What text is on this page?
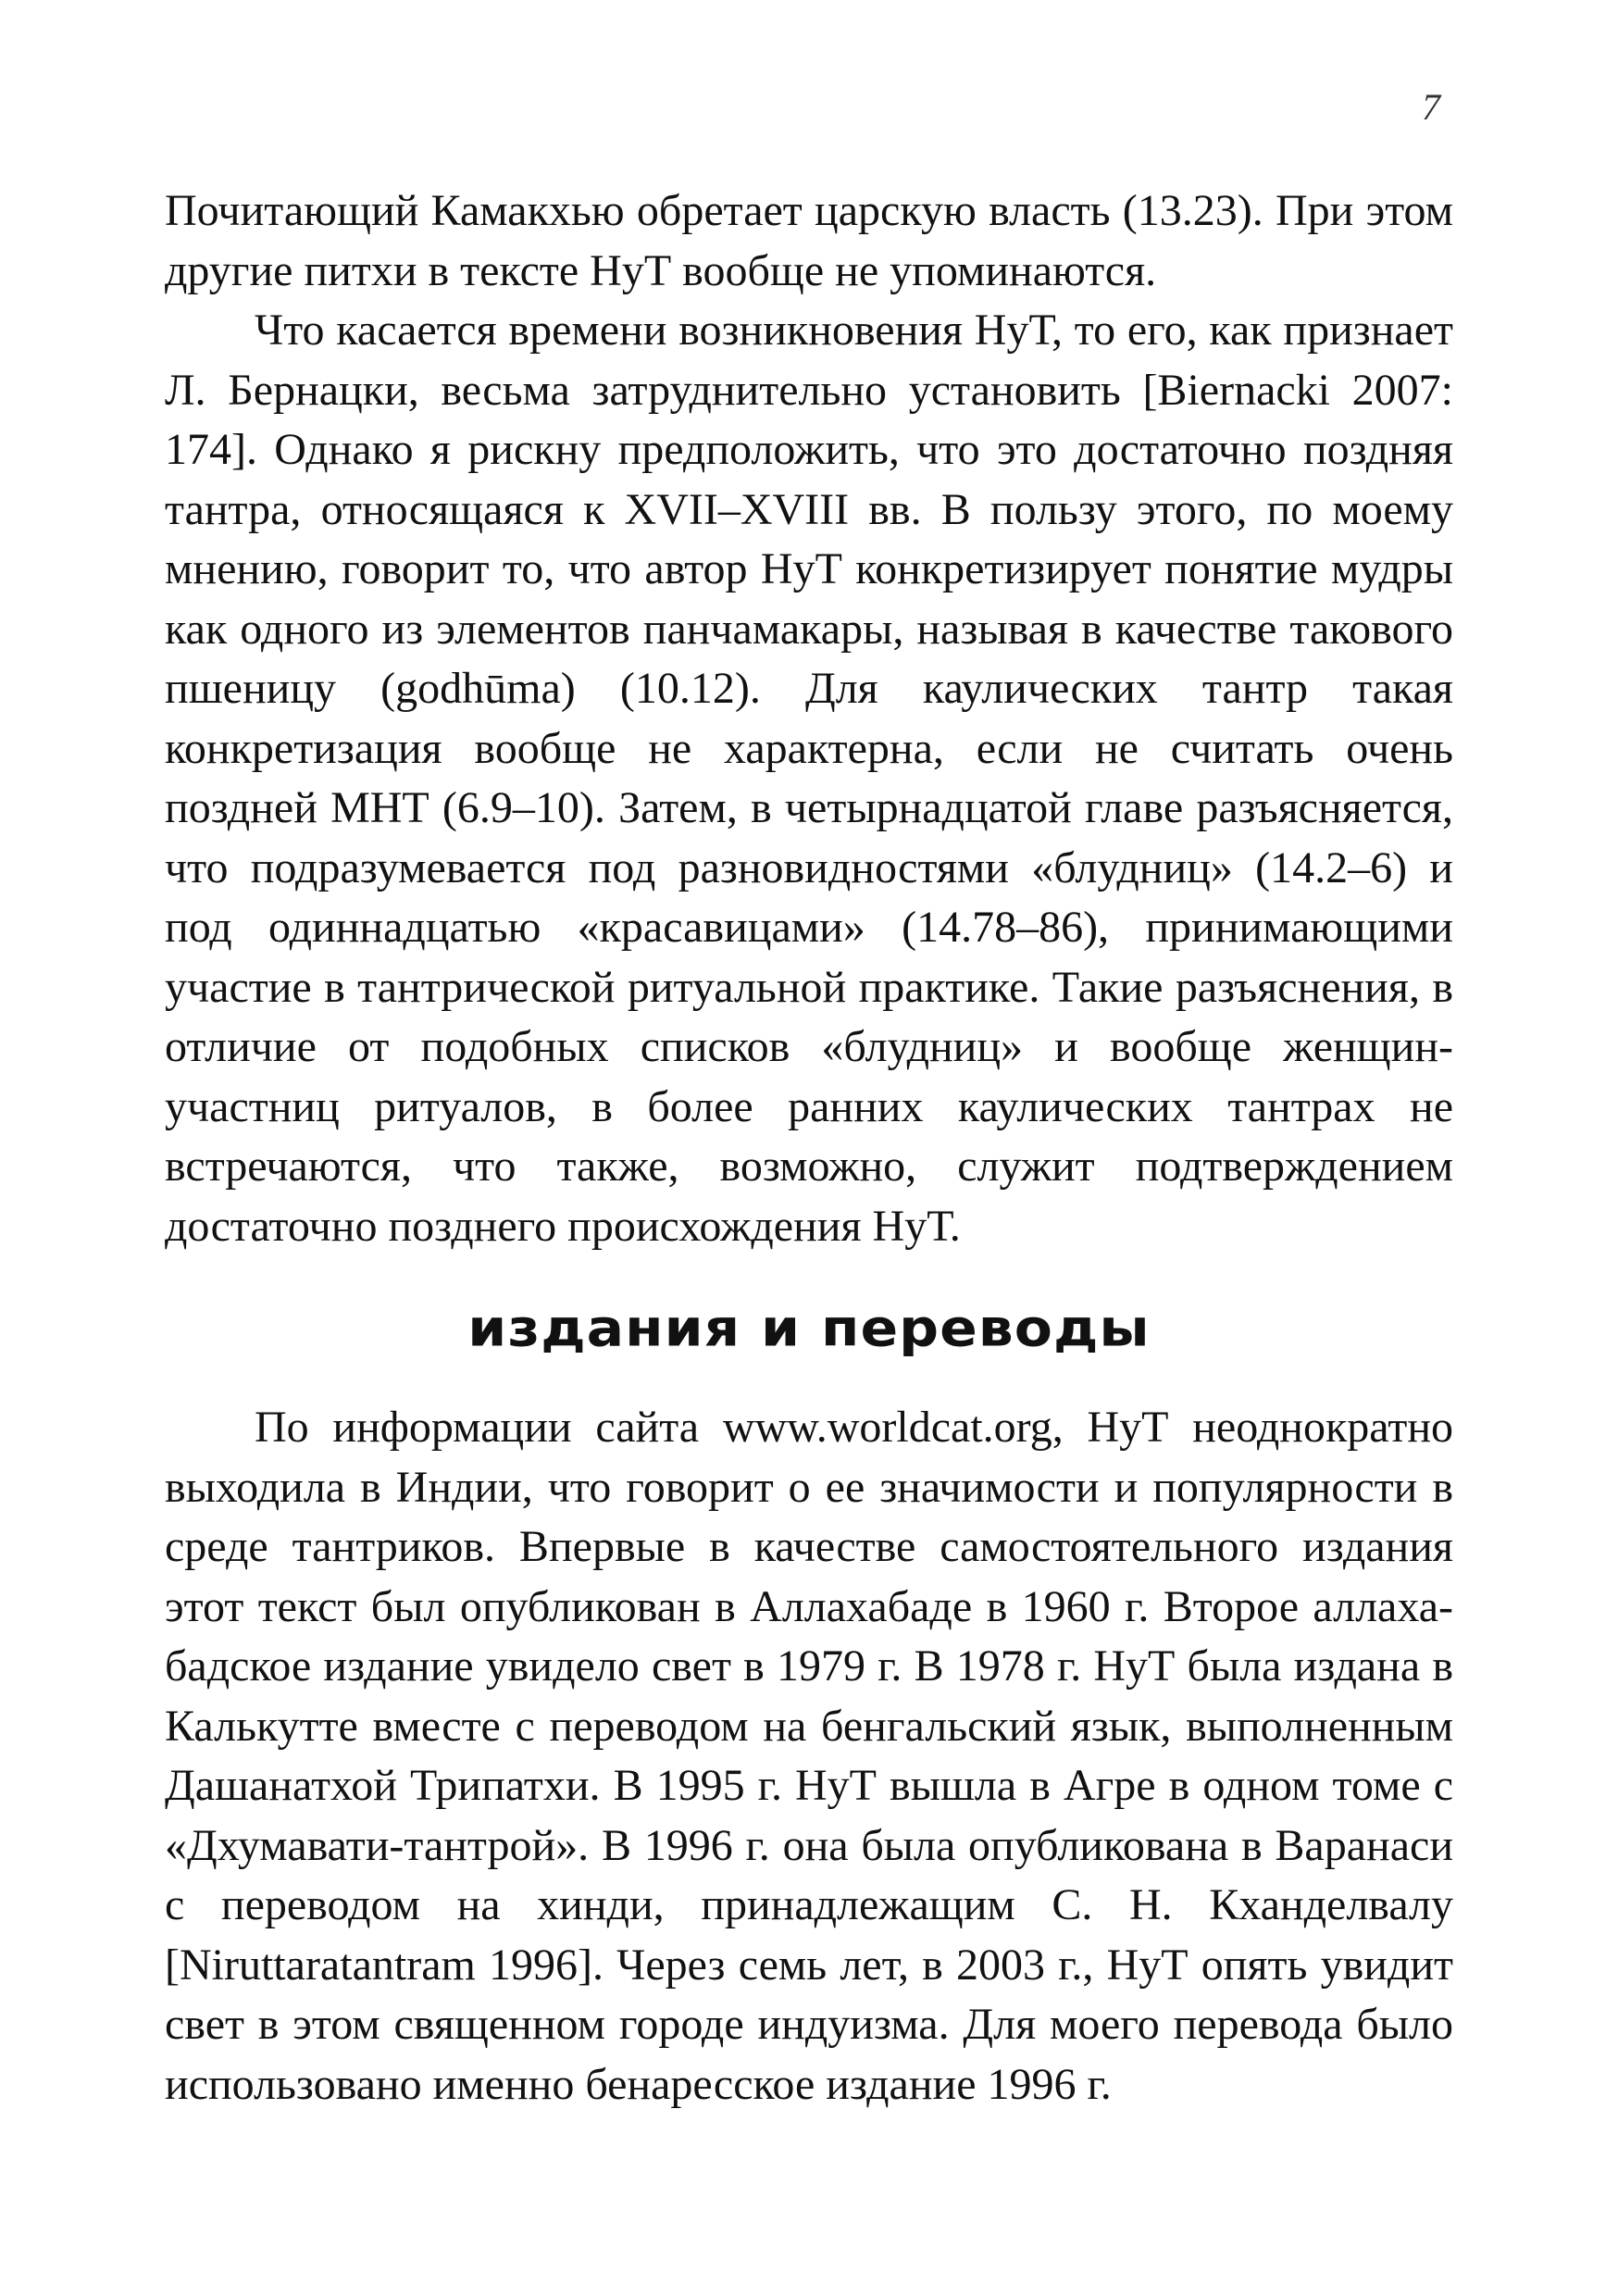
7

Почитающий Камакхью обретает царскую власть (13.23). При этом другие питхи в тексте НуТ вообще не упоминаются.

Что касается времени возникновения НуТ, то его, как признает Л. Бернацки, весьма затруднительно установить [Biernacki 2007: 174]. Однако я рискну предположить, что это достаточно поздняя тантра, относящаяся к XVII–XVIII вв. В пользу этого, по моему мнению, говорит то, что автор НуТ конкретизирует понятие мудры как одного из элементов панчамакары, называя в качестве такового пшеницу (godhūma) (10.12). Для каулических тантр такая конкретизация вообще не характерна, если не считать очень поздней МНТ (6.9–10). Затем, в четырнадцатой главе разъясняется, что подразумевается под разновидностями «блудниц» (14.2–6) и под одиннадцатью «красавицами» (14.78–86), принимающими участие в тантрической ритуальной практике. Такие разъяснения, в отличие от подобных списков «блудниц» и вообще женщин-участниц ритуалов, в более ранних каулических тантрах не встречаются, что также, возможно, служит подтверждением достаточно позднего происхождения НуТ.

издания и переводы

По информации сайта www.worldcat.org, НуТ неоднократно выходила в Индии, что говорит о ее значимости и популярности в среде тантриков. Впервые в качестве самостоятельного издания этот текст был опубликован в Аллахабаде в 1960 г. Второе аллахабадское издание увидело свет в 1979 г. В 1978 г. НуТ была издана в Калькутте вместе с переводом на бенгальский язык, выполненным Дашанатхой Трипатхи. В 1995 г. НуТ вышла в Агре в одном томе с «Дхумавати-тантрой». В 1996 г. она была опубликована в Варанаси с переводом на хинди, принадлежащим С. Н. Кханделвалу [Niruttaratantram 1996]. Через семь лет, в 2003 г., НуТ опять увидит свет в этом священном городе индуизма. Для моего перевода было использовано именно бенаресское издание 1996 г.
